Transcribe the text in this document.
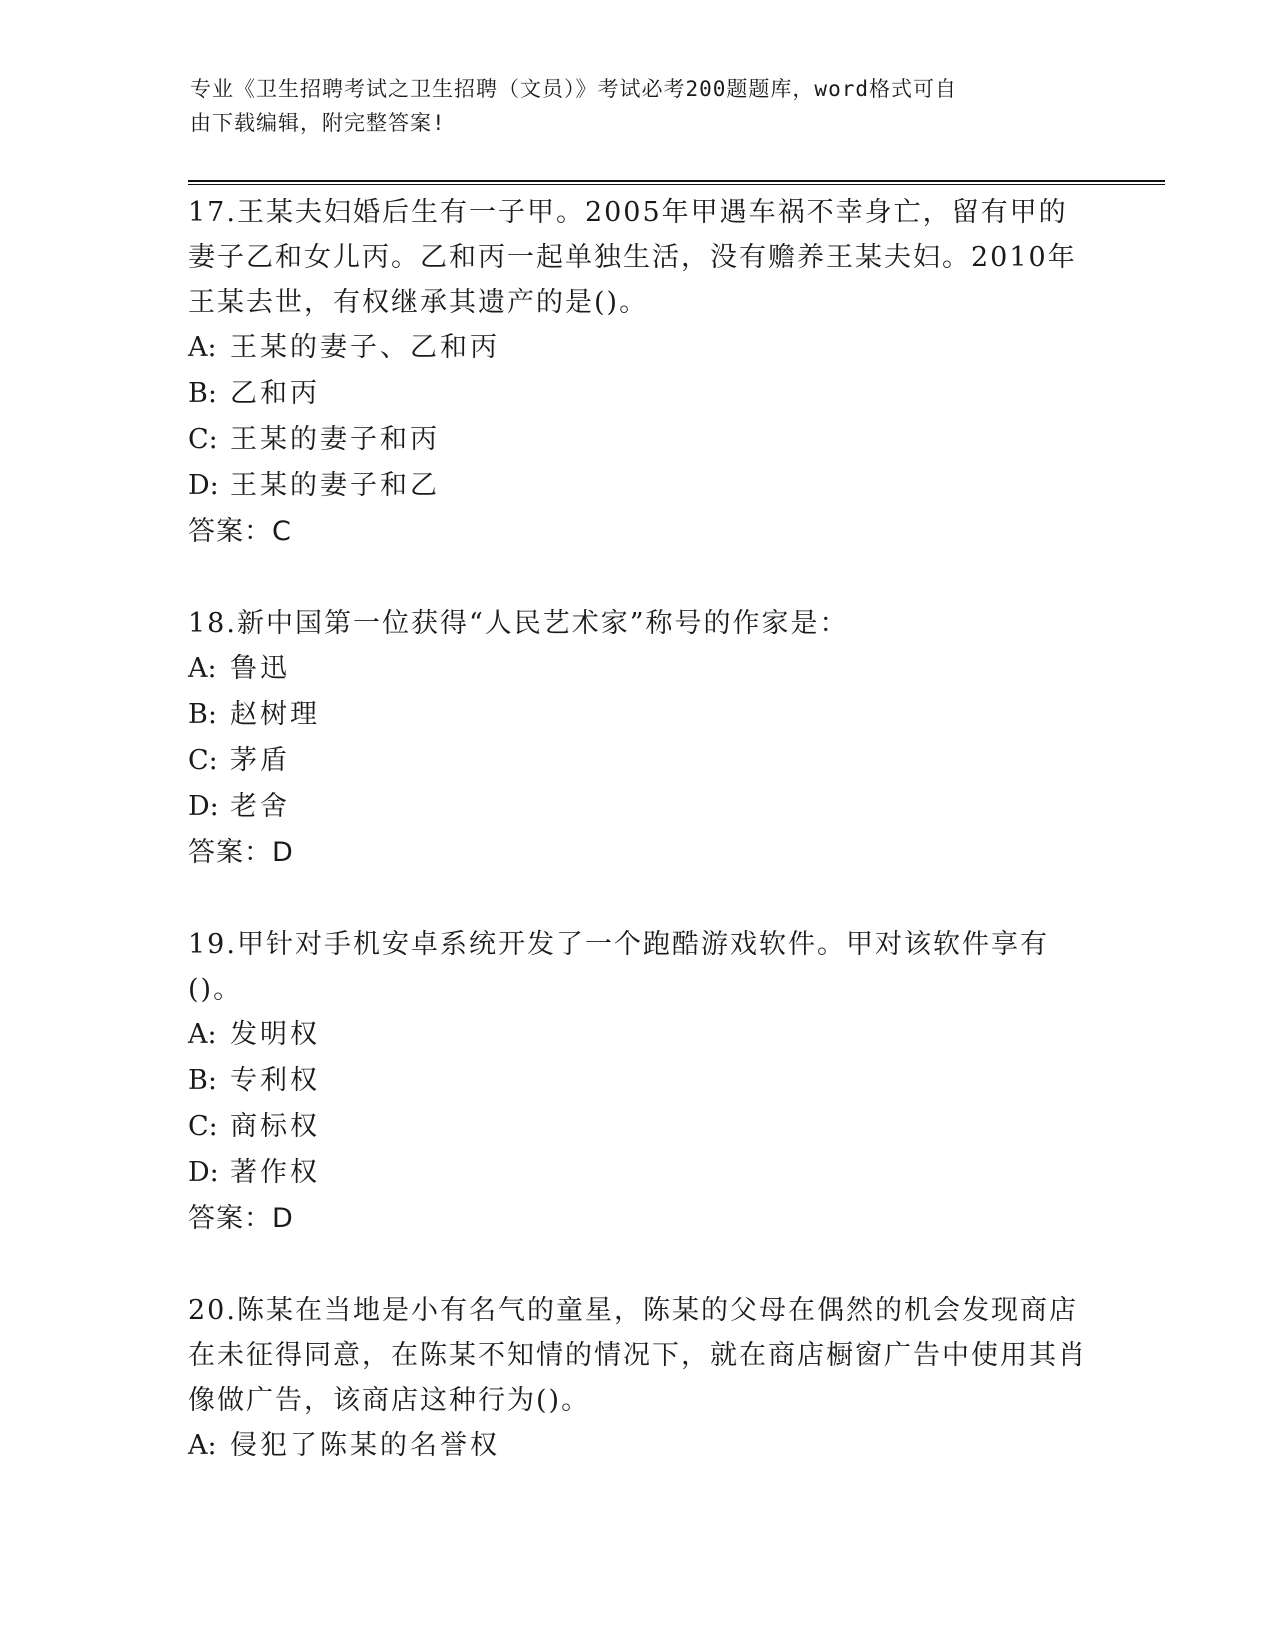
专业《卫生招聘考试之卫生招聘（文员）》考试必考200题题库，word格式可自
由下载编辑，附完整答案!
17.王某夫妇婚后生有一子甲。2005年甲遇车祸不幸身亡，留有甲的妻子乙和女儿丙。乙和丙一起单独生活，没有赡养王某夫妇。2010年王某去世，有权继承其遗产的是()。
A: 王某的妻子、乙和丙
B: 乙和丙
C: 王某的妻子和丙
D: 王某的妻子和乙
答案：C
18.新中国第一位获得“人民艺术家”称号的作家是：
A: 鲁迅
B: 赵树理
C: 茅盾
D: 老舍
答案：D
19.甲针对手机安卓系统开发了一个跑酷游戏软件。甲对该软件享有()。
A: 发明权
B: 专利权
C: 商标权
D: 著作权
答案：D
20.陈某在当地是小有名气的童星，陈某的父母在偶然的机会发现商店在未征得同意，在陈某不知情的情况下，就在商店橱窗广告中使用其肖像做广告，该商店这种行为()。
A: 侵犯了陈某的名誉权
